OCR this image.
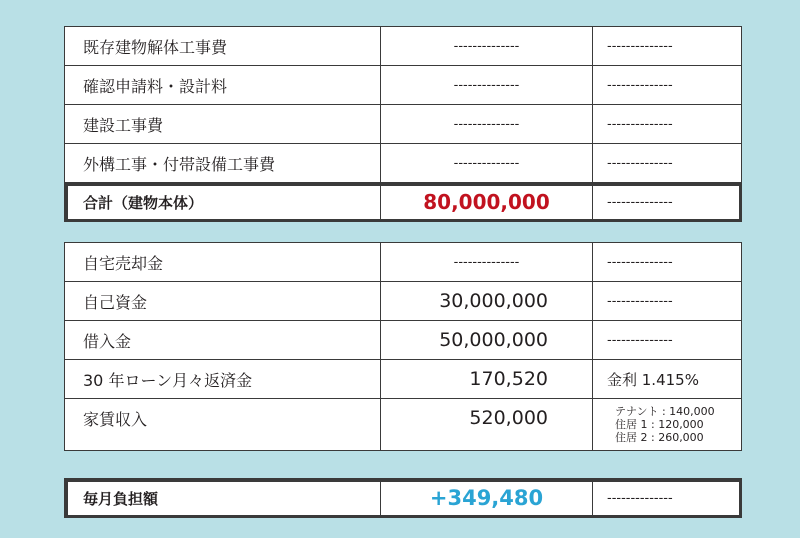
既存建物解体工事費	--------------	--------------
確認申請料・設計料	--------------	--------------
建設工事費	--------------	--------------
外構工事・付帯設備工事費	--------------	--------------
合計（建物本体）	80,000,000	--------------
自宅売却金	--------------	--------------
自己資金	30,000,000	--------------
借入金	50,000,000	--------------
30 年ローン月々返済金	170,520	金利 1.415%
家賃収入	520,000	テナント : 140,000
住居 1 : 120,000
住居 2 : 260,000
毎月負担額	+349,480	--------------
